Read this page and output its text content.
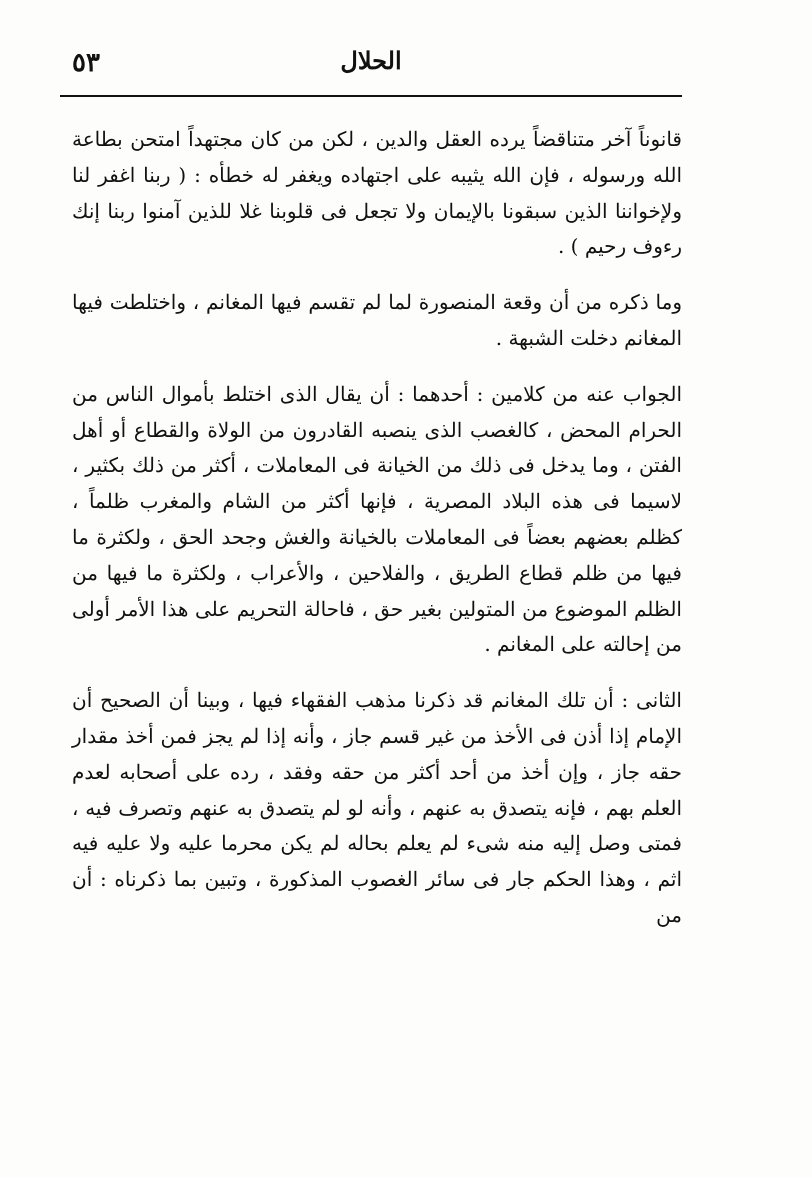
الحلال
٥٣

قانوناً آخر متناقضاً يرده العقل والدين ، لكن من كان مجتهداً امتحن بطاعة الله ورسوله ، فإن الله يثيبه على اجتهاده ويغفر له خطأه : ( ربنا اغفر لنا ولإخواننا الذين سبقونا بالإيمان ولا تجعل فى قلوبنا غلا للذين آمنوا ربنا إنك رءوف رحيم ) .

وما ذكره من أن وقعة المنصورة لما لم تقسم فيها المغانم ، واختلطت فيها المغانم دخلت الشبهة .

الجواب عنه من كلامين : أحدهما : أن يقال الذى اختلط بأموال الناس من الحرام المحض ، كالغصب الذى ينصبه القادرون من الولاة والقطاع أو أهل الفتن ، وما يدخل فى ذلك من الخيانة فى المعاملات ، أكثر من ذلك بكثير ، لاسيما فى هذه البلاد المصرية ، فإنها أكثر من الشام والمغرب ظلماً ، كظلم بعضهم بعضاً فى المعاملات بالخيانة والغش وجحد الحق ، ولكثرة ما فيها من ظلم قطاع الطريق ، والفلاحين ، والأعراب ، ولكثرة ما فيها من الظلم الموضوع من المتولين بغير حق ، فاحالة التحريم على هذا الأمر أولى من إحالته على المغانم .

الثانى : أن تلك المغانم قد ذكرنا مذهب الفقهاء فيها ، وبينا أن الصحيح أن الإمام إذا أذن فى الأخذ من غير قسم جاز ، وأنه إذا لم يجز فمن أخذ مقدار حقه جاز ، وإن أخذ من أحد أكثر من حقه وفقد ، رده على أصحابه لعدم العلم بهم ، فإنه يتصدق به عنهم ، وأنه لو لم يتصدق به عنهم وتصرف فيه ، فمتى وصل إليه منه شىء لم يعلم بحاله لم يكن محرما عليه ولا عليه فيه اثم ، وهذا الحكم جار فى سائر الغصوب المذكورة ، وتبين بما ذكرناه : أن من
